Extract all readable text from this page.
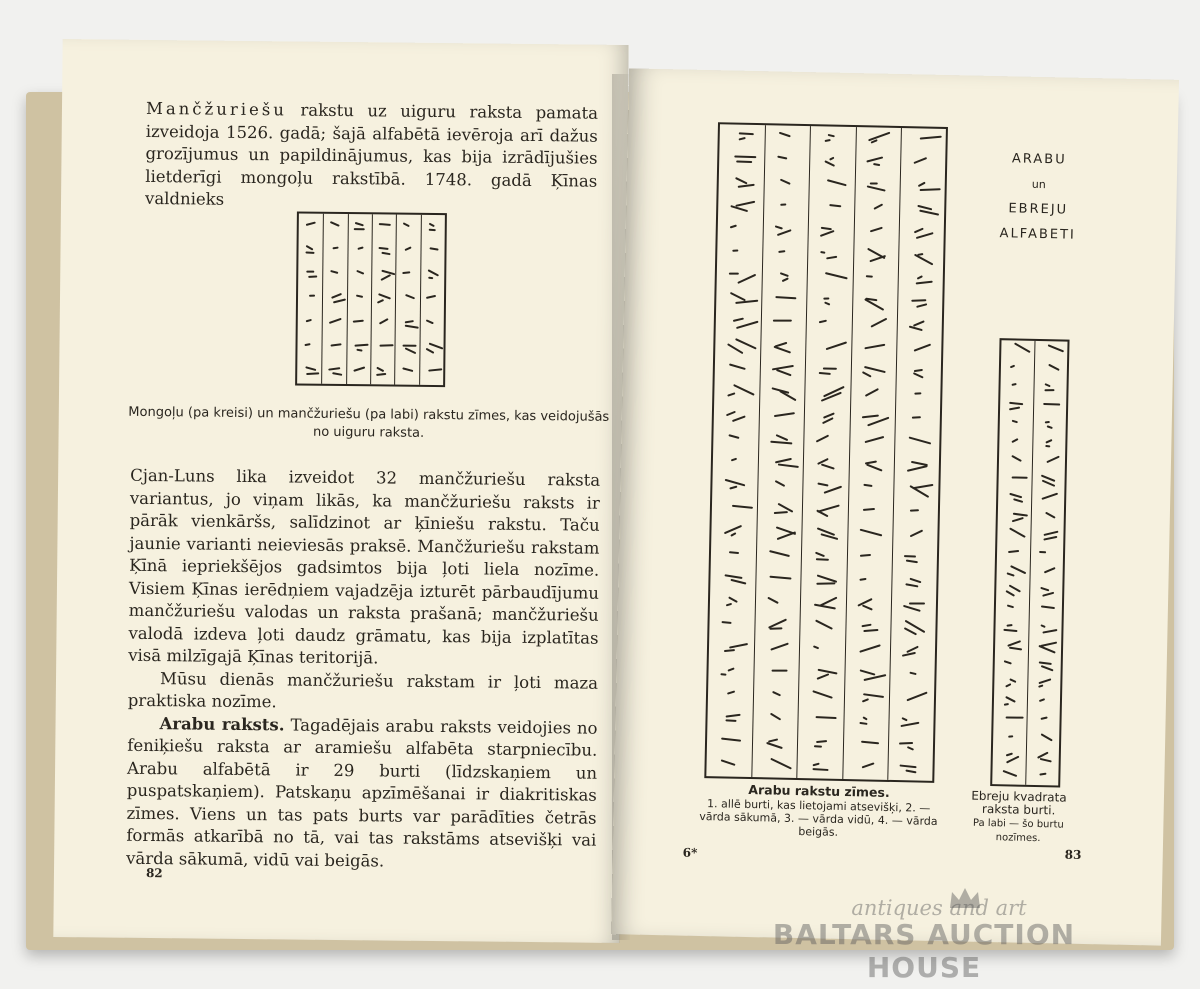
Mančžuriešu rakstu uz uiguru raksta pamata izveidoja 1526. gadā; šajā alfabētā ievēroja arī dažus grozījumus un papildinājumus, kas bija izrādījušies lietderīgi mongoļu rakstībā. 1748. gadā Ķīnas valdnieks
Mongoļu (pa kreisi) un mančžuriešu (pa labi) rakstu zīmes, kas veidojušās no uiguru raksta.

Cjan-Luns lika izveidot 32 mančžuriešu raksta variantus, jo viņam likās, ka mančžuriešu raksts ir pārāk vienkāršs, salīdzinot ar ķīniešu rakstu. Taču jaunie varianti neieviesās praksē. Mančžuriešu rakstam Ķīnā iepriekšējos gadsimtos bija ļoti liela nozīme. Visiem Ķīnas ierēdņiem vajadzēja izturēt pārbaudījumu mančžuriešu valodas un raksta prašanā; mančžuriešu valodā izdeva ļoti daudz grāmatu, kas bija izplatītas visā milzīgajā Ķīnas teritorijā.

Mūsu dienās mančžuriešu rakstam ir ļoti maza praktiska nozīme.

Arabu raksts. Tagadējais arabu raksts veidojies no feniķiešu raksta ar aramiešu alfabēta starpniecību. Arabu alfabētā ir 29 burti (līdzskaņiem un puspatskaņiem). Patskaņu apzīmēšanai ir diakritiskas zīmes. Viens un tas pats burts var parādīties četrās formās atkarībā no tā, vai tas rakstāms atsevišķi vai vārda sākumā, vidū vai beigās.

82
ARABU
un
EBREJU
ALFABETI
Arabu rakstu zīmes.
1. allē burti, kas lietojami atsevišķi, 2. — vārda sākumā, 3. — vārda vidū, 4. — vārda beigās.
Ebreju kvadrata raksta burti.
Pa labi — šo burtu nozīmes.
6*	83
antiques and art
BALTARS AUCTION HOUSE
